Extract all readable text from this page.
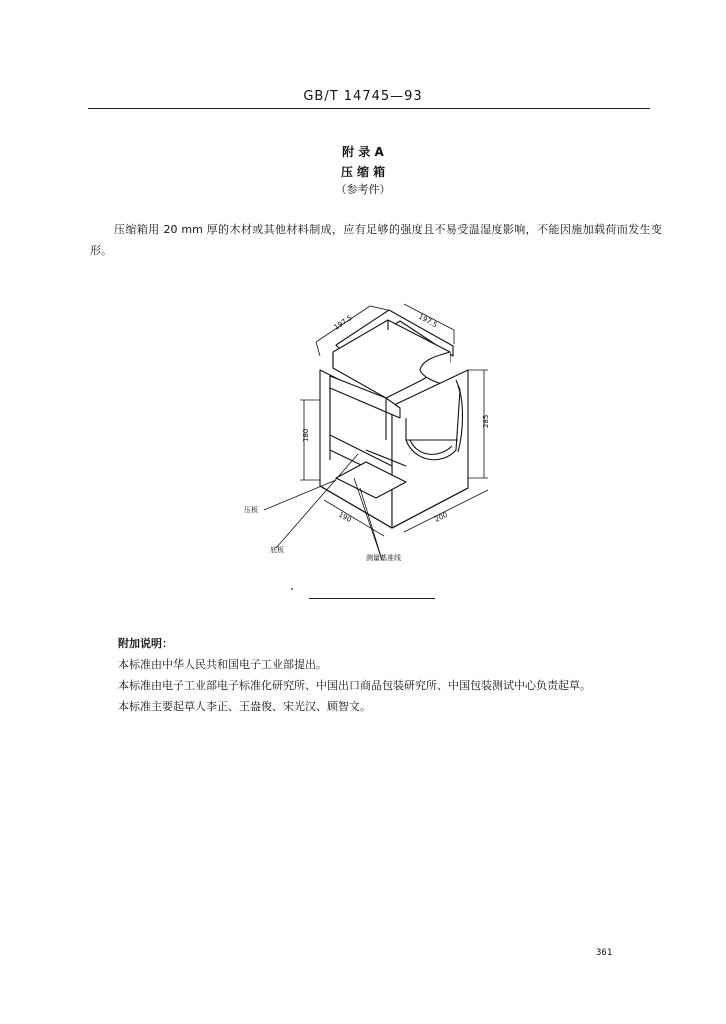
GB/T 14745—93
附 录 A
压 缩 箱
（参考件）
压缩箱用 20 mm 厚的木材或其他材料制成，应有足够的强度且不易受温湿度影响，不能因施加载荷而发生变形。
197.5	197.5
285
180
190	200
压板
底板
测量基准线
附加说明：
本标准由中华人民共和国电子工业部提出。
本标准由电子工业部电子标准化研究所、中国出口商品包装研究所、中国包装测试中心负责起草。
本标准主要起草人李正、王盎俊、宋光汉、顾智文。
361
